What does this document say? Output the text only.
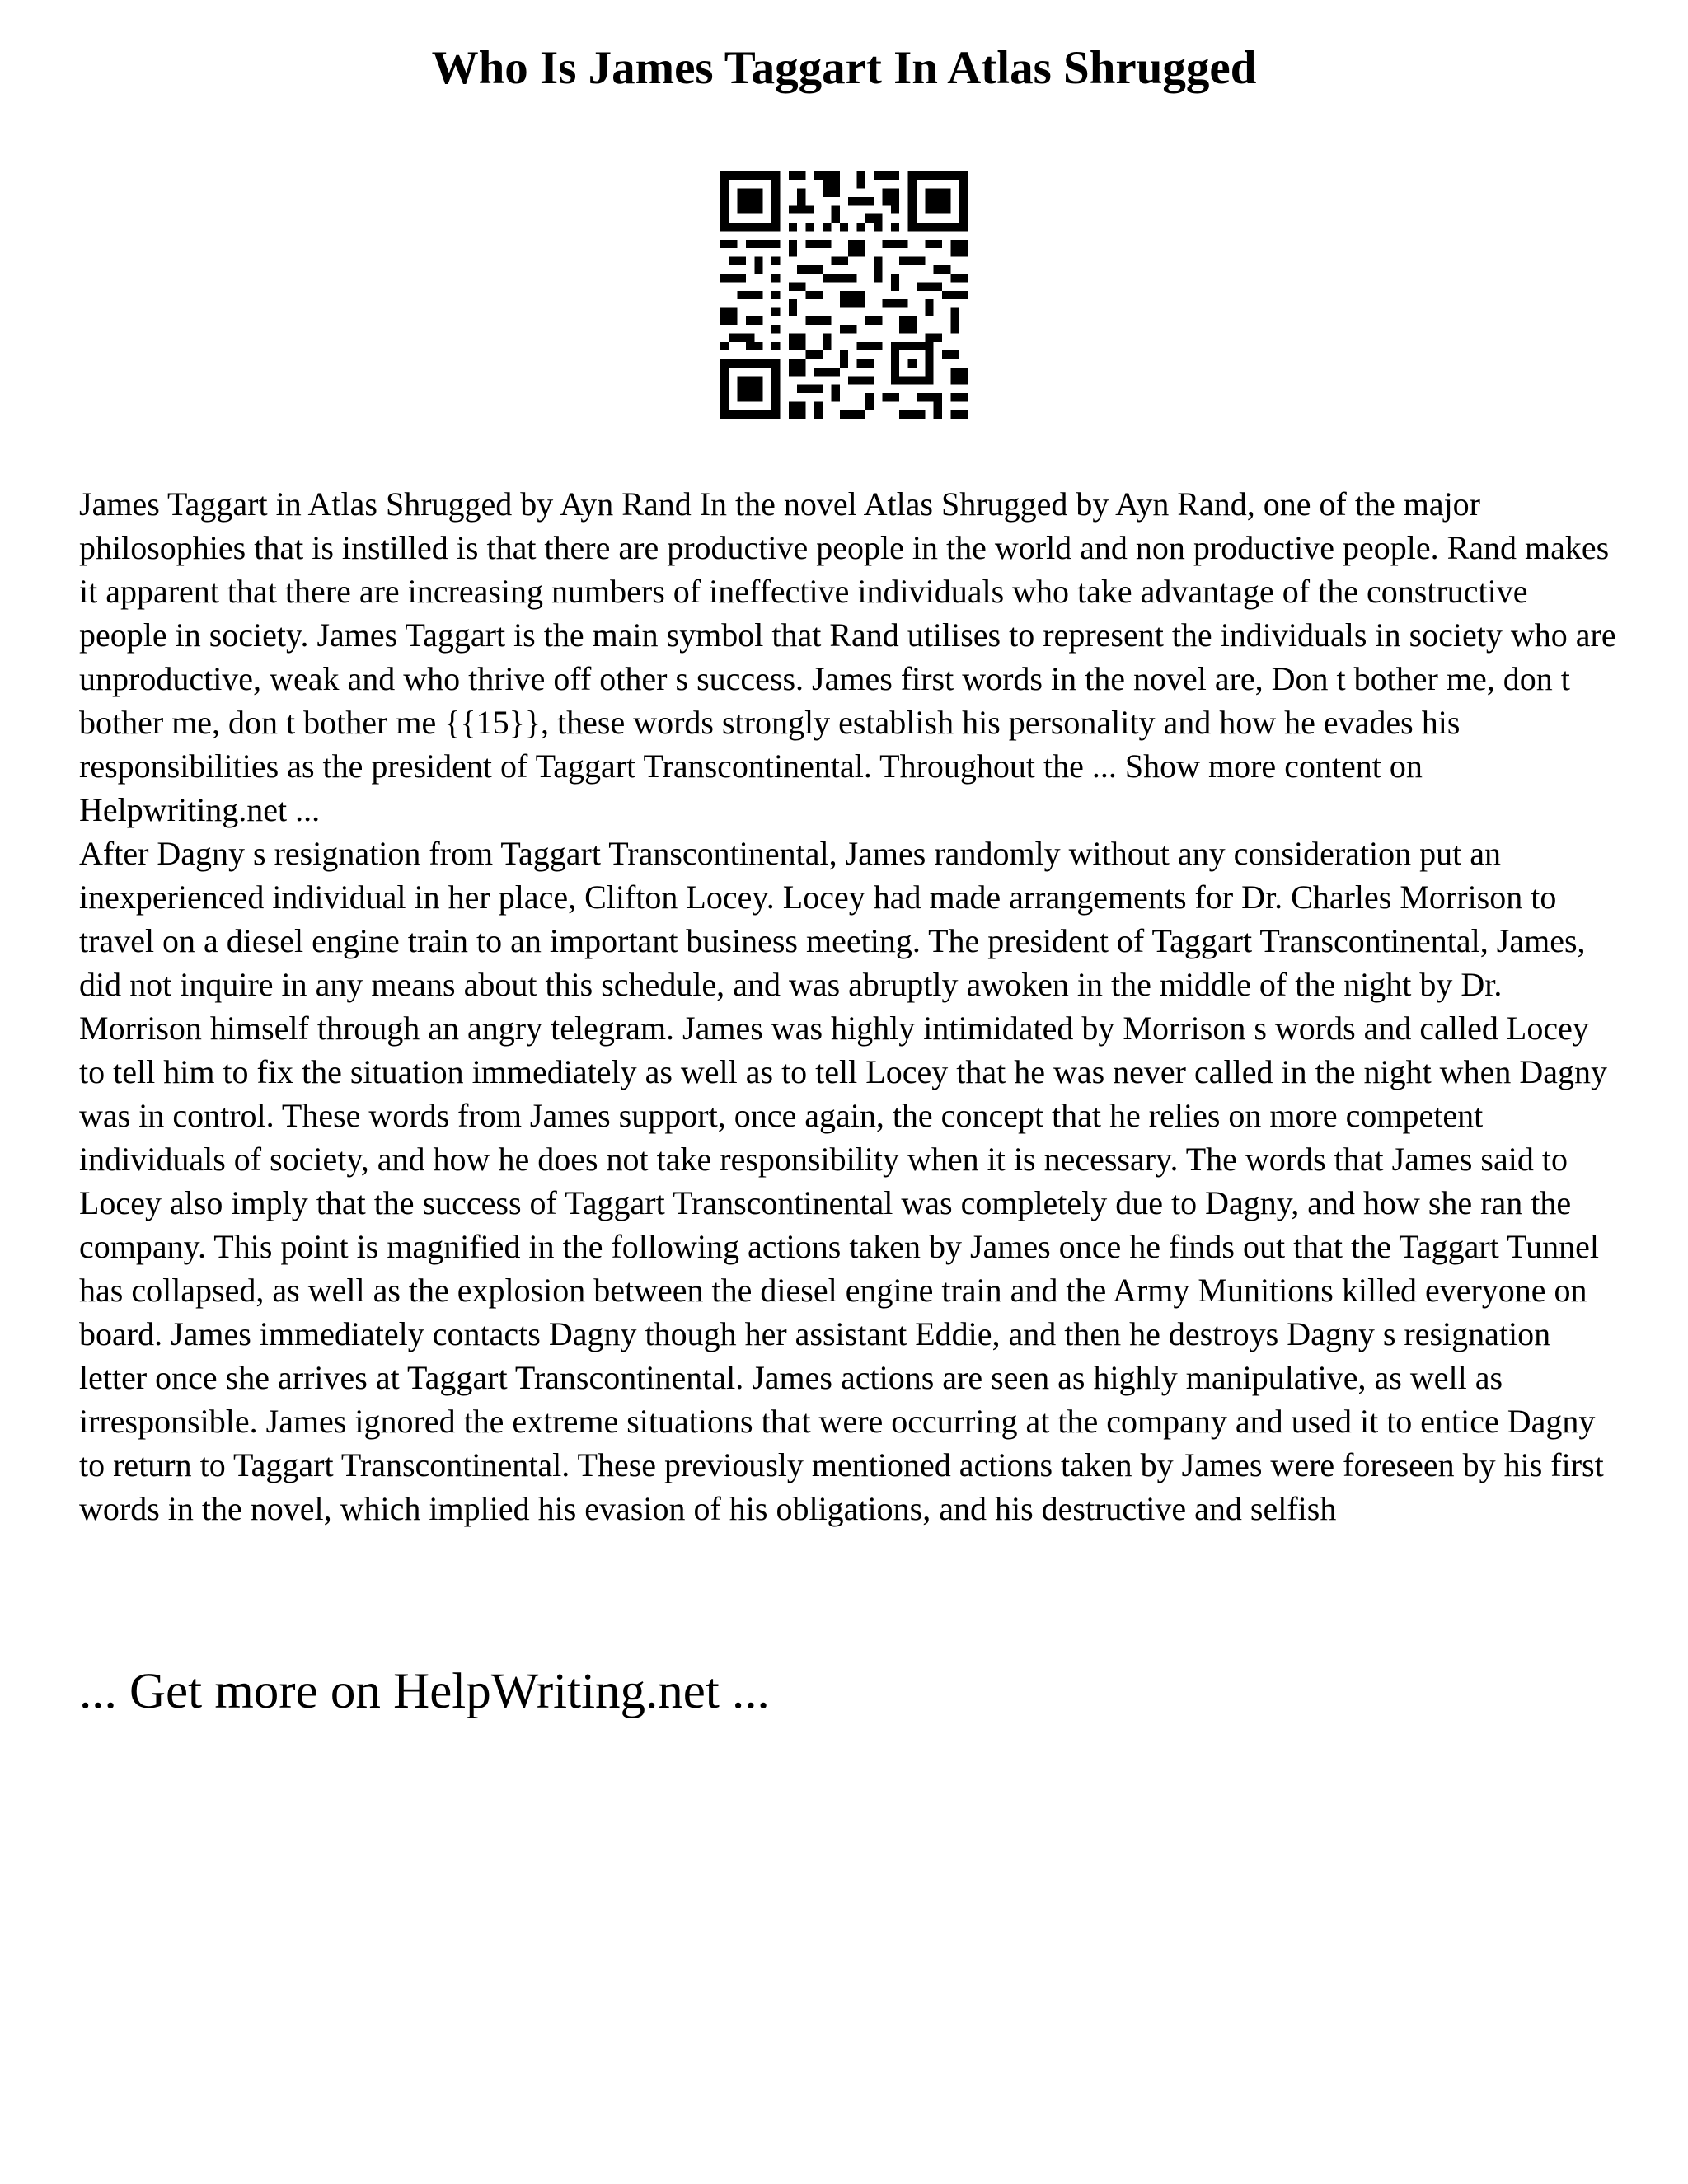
Who Is James Taggart In Atlas Shrugged

James Taggart in Atlas Shrugged by Ayn Rand In the novel Atlas Shrugged by Ayn Rand, one of the major philosophies that is instilled is that there are productive people in the world and non productive people. Rand makes it apparent that there are increasing numbers of ineffective individuals who take advantage of the constructive people in society. James Taggart is the main symbol that Rand utilises to represent the individuals in society who are unproductive, weak and who thrive off other s success. James first words in the novel are, Don t bother me, don t bother me, don t bother me {{15}}, these words strongly establish his personality and how he evades his responsibilities as the president of Taggart Transcontinental. Throughout the ... Show more content on Helpwriting.net ...

After Dagny s resignation from Taggart Transcontinental, James randomly without any consideration put an inexperienced individual in her place, Clifton Locey. Locey had made arrangements for Dr. Charles Morrison to travel on a diesel engine train to an important business meeting. The president of Taggart Transcontinental, James, did not inquire in any means about this schedule, and was abruptly awoken in the middle of the night by Dr. Morrison himself through an angry telegram. James was highly intimidated by Morrison s words and called Locey to tell him to fix the situation immediately as well as to tell Locey that he was never called in the night when Dagny was in control. These words from James support, once again, the concept that he relies on more competent individuals of society, and how he does not take responsibility when it is necessary. The words that James said to Locey also imply that the success of Taggart Transcontinental was completely due to Dagny, and how she ran the company. This point is magnified in the following actions taken by James once he finds out that the Taggart Tunnel has collapsed, as well as the explosion between the diesel engine train and the Army Munitions killed everyone on board. James immediately contacts Dagny though her assistant Eddie, and then he destroys Dagny s resignation letter once she arrives at Taggart Transcontinental. James actions are seen as highly manipulative, as well as irresponsible. James ignored the extreme situations that were occurring at the company and used it to entice Dagny to return to Taggart Transcontinental. These previously mentioned actions taken by James were foreseen by his first words in the novel, which implied his evasion of his obligations, and his destructive and selfish

... Get more on HelpWriting.net ...
